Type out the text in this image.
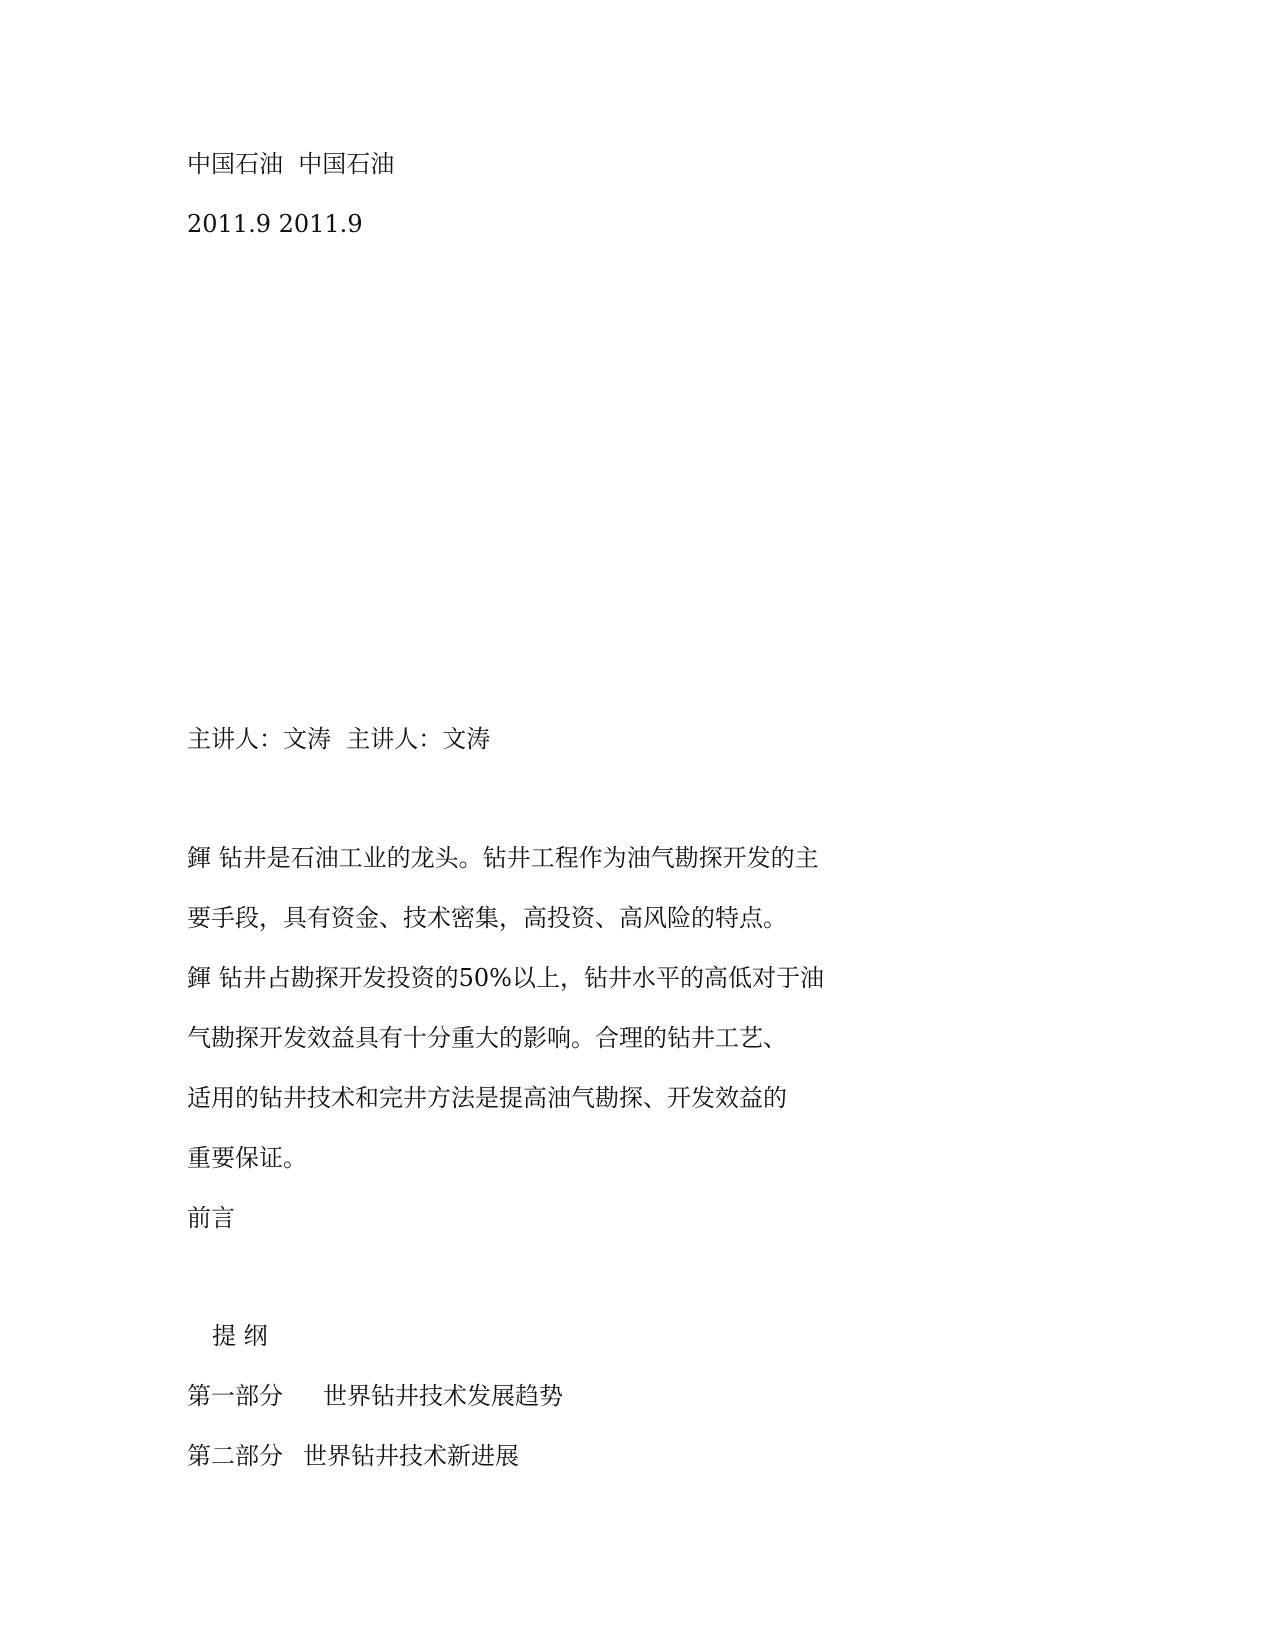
中国石油  中国石油

2011.9 2011.9

主讲人：文涛  主讲人：文涛

鍕 钻井是石油工业的龙头。钻井工程作为油气勘探开发的主

要手段，具有资金、技术密集，高投资、高风险的特点。

鍕 钻井占勘探开发投资的50%以上，钻井水平的高低对于油

气勘探开发效益具有十分重大的影响。合理的钻井工艺、

适用的钻井技术和完井方法是提高油气勘探、开发效益的

重要保证。

前言

提 纲

第一部分 世界钻井技术发展趋势

第二部分 世界钻井技术新进展
